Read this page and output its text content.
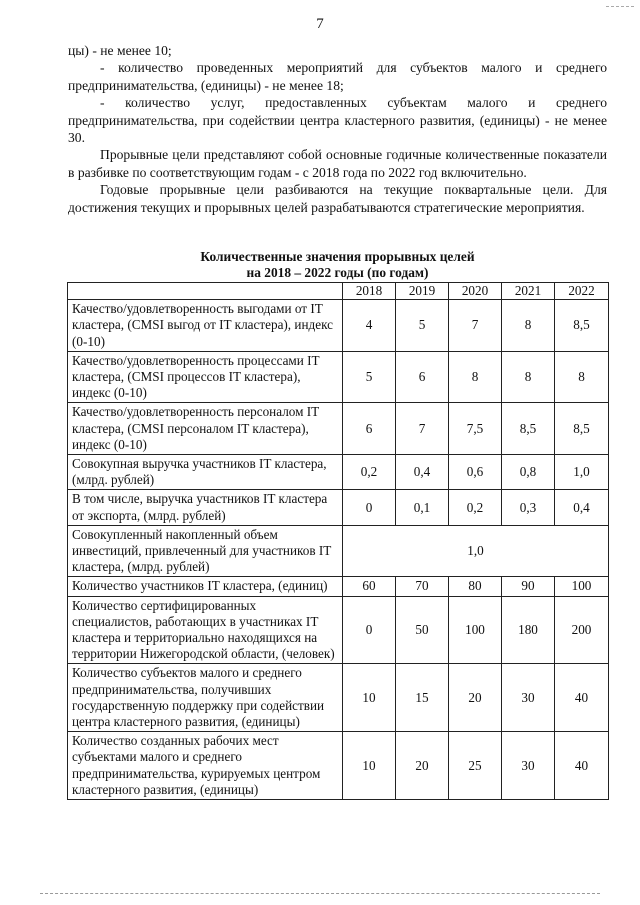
7

цы) - не менее 10;

- количество проведенных мероприятий для субъектов малого и среднего предпринимательства, (единицы) - не менее 18;

- количество услуг, предоставленных субъектам малого и среднего предпринимательства, при содействии центра кластерного развития, (единицы) - не менее 30.

Прорывные цели представляют собой основные годичные количественные показатели в разбивке по соответствующим годам - с 2018 года по 2022 год включительно.

Годовые прорывные цели разбиваются на текущие поквартальные цели. Для достижения текущих и прорывных целей разрабатываются стратегические мероприятия.

Количественные значения прорывных целей
на 2018 – 2022 годы (по годам)
	2018	2019	2020	2021	2022
Качество/удовлетворенность выгодами от IT кластера, (CMSI выгод от IT кластера), индекс (0-10)	4	5	7	8	8,5
Качество/удовлетворенность процессами IT кластера, (CMSI процессов IT кластера), индекс (0-10)	5	6	8	8	8
Качество/удовлетворенность персоналом IT кластера, (CMSI персоналом IT кластера), индекс (0-10)	6	7	7,5	8,5	8,5
Совокупная выручка участников IT кластера, (млрд. рублей)	0,2	0,4	0,6	0,8	1,0
В том числе, выручка участников IT кластера от экспорта, (млрд. рублей)	0	0,1	0,2	0,3	0,4
Совокупленный накопленный объем инвестиций, привлеченный для участников IT кластера, (млрд. рублей)	1,0				
Количество участников IT кластера, (единиц)	60	70	80	90	100
Количество сертифицированных специалистов, работающих в участниках IT кластера и территориально находящихся на территории Нижегородской области, (человек)	0	50	100	180	200
Количество субъектов малого и среднего предпринимательства, получивших государственную поддержку при содействии центра кластерного развития, (единицы)	10	15	20	30	40
Количество созданных рабочих мест субъектами малого и среднего предпринимательства, курируемых центром кластерного развития, (единицы)	10	20	25	30	40
